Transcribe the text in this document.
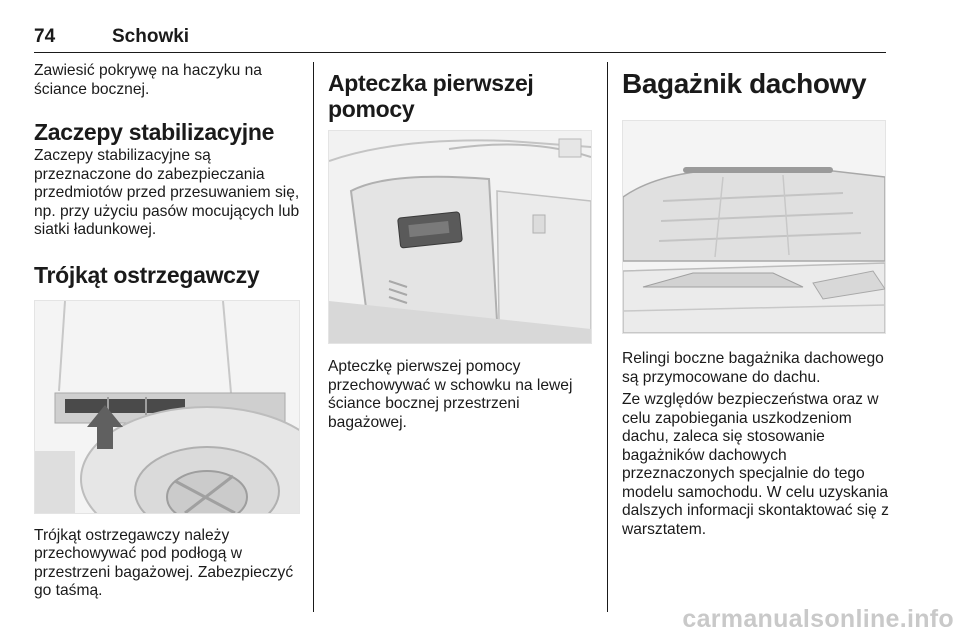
74	Schowki

Zawiesić pokrywę na haczyku na ściance bocznej.

Zaczepy stabilizacyjne

Zaczepy stabilizacyjne są przeznaczone do zabezpieczania przedmiotów przed przesuwaniem się, np. przy użyciu pasów mocujących lub siatki ładunkowej.

Trójkąt ostrzegawczy

Trójkąt ostrzegawczy należy przechowywać pod podłogą w przestrzeni bagażowej. Zabezpieczyć go taśmą.

Apteczka pierwszej pomocy

Apteczkę pierwszej pomocy przechowywać w schowku na lewej ściance bocznej przestrzeni bagażowej.

Bagażnik dachowy

Relingi boczne bagażnika dachowego są przymocowane do dachu.

Ze względów bezpieczeństwa oraz w celu zapobiegania uszkodzeniom dachu, zaleca się stosowanie bagażników dachowych przeznaczonych specjalnie do tego modelu samochodu. W celu uzyskania dalszych informacji skontaktować się z warsztatem.

carmanualsonline.info
